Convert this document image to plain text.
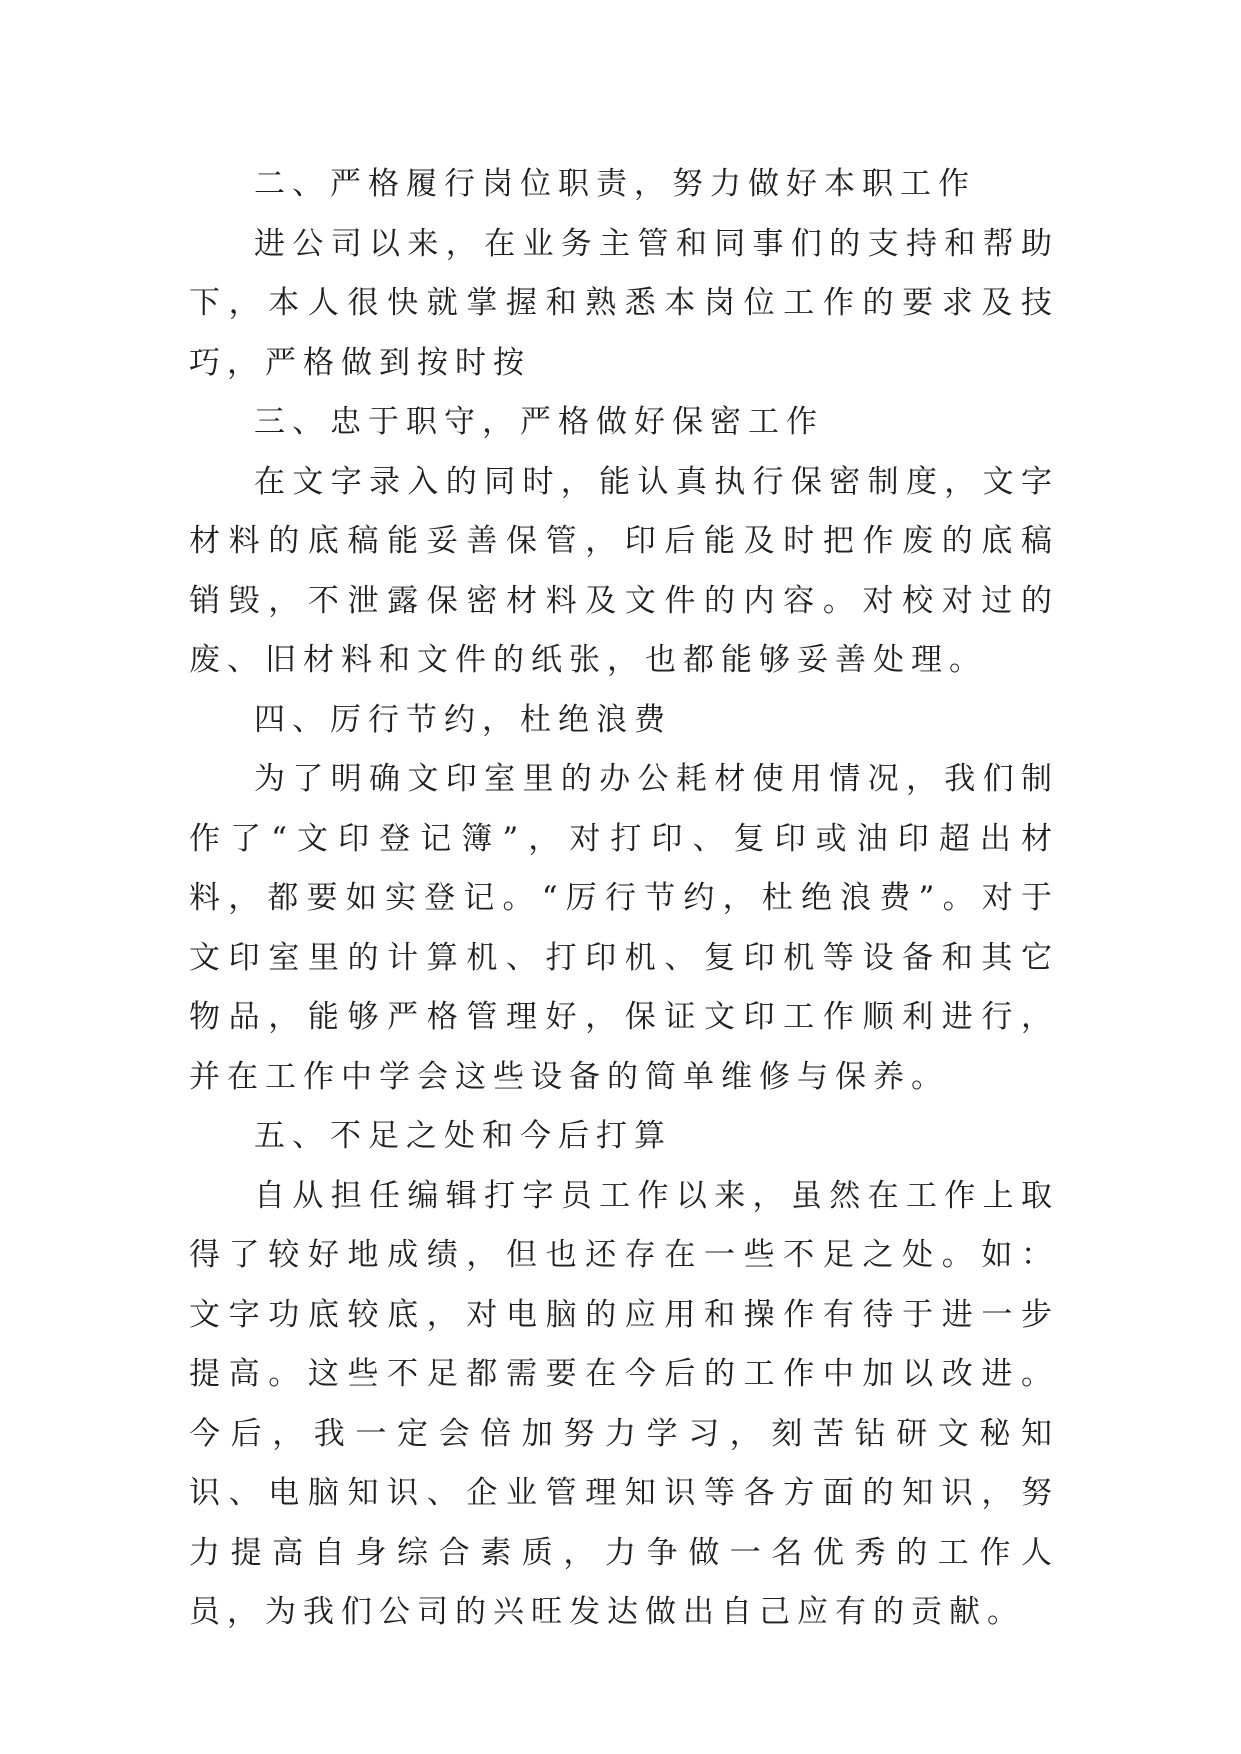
二、严格履行岗位职责，努力做好本职工作

进公司以来，在业务主管和同事们的支持和帮助下，本人很快就掌握和熟悉本岗位工作的要求及技巧，严格做到按时按

三、忠于职守，严格做好保密工作

在文字录入的同时，能认真执行保密制度，文字材料的底稿能妥善保管，印后能及时把作废的底稿销毁，不泄露保密材料及文件的内容。对校对过的废、旧材料和文件的纸张，也都能够妥善处理。

四、厉行节约，杜绝浪费

为了明确文印室里的办公耗材使用情况，我们制作了“文印登记簿”，对打印、复印或油印超出材料，都要如实登记。“厉行节约，杜绝浪费”。对于文印室里的计算机、打印机、复印机等设备和其它物品，能够严格管理好，保证文印工作顺利进行，并在工作中学会这些设备的简单维修与保养。

五、不足之处和今后打算

自从担任编辑打字员工作以来，虽然在工作上取得了较好地成绩，但也还存在一些不足之处。如：文字功底较底，对电脑的应用和操作有待于进一步提高。这些不足都需要在今后的工作中加以改进。今后，我一定会倍加努力学习，刻苦钻研文秘知识、电脑知识、企业管理知识等各方面的知识，努力提高自身综合素质，力争做一名优秀的工作人员，为我们公司的兴旺发达做出自己应有的贡献。
